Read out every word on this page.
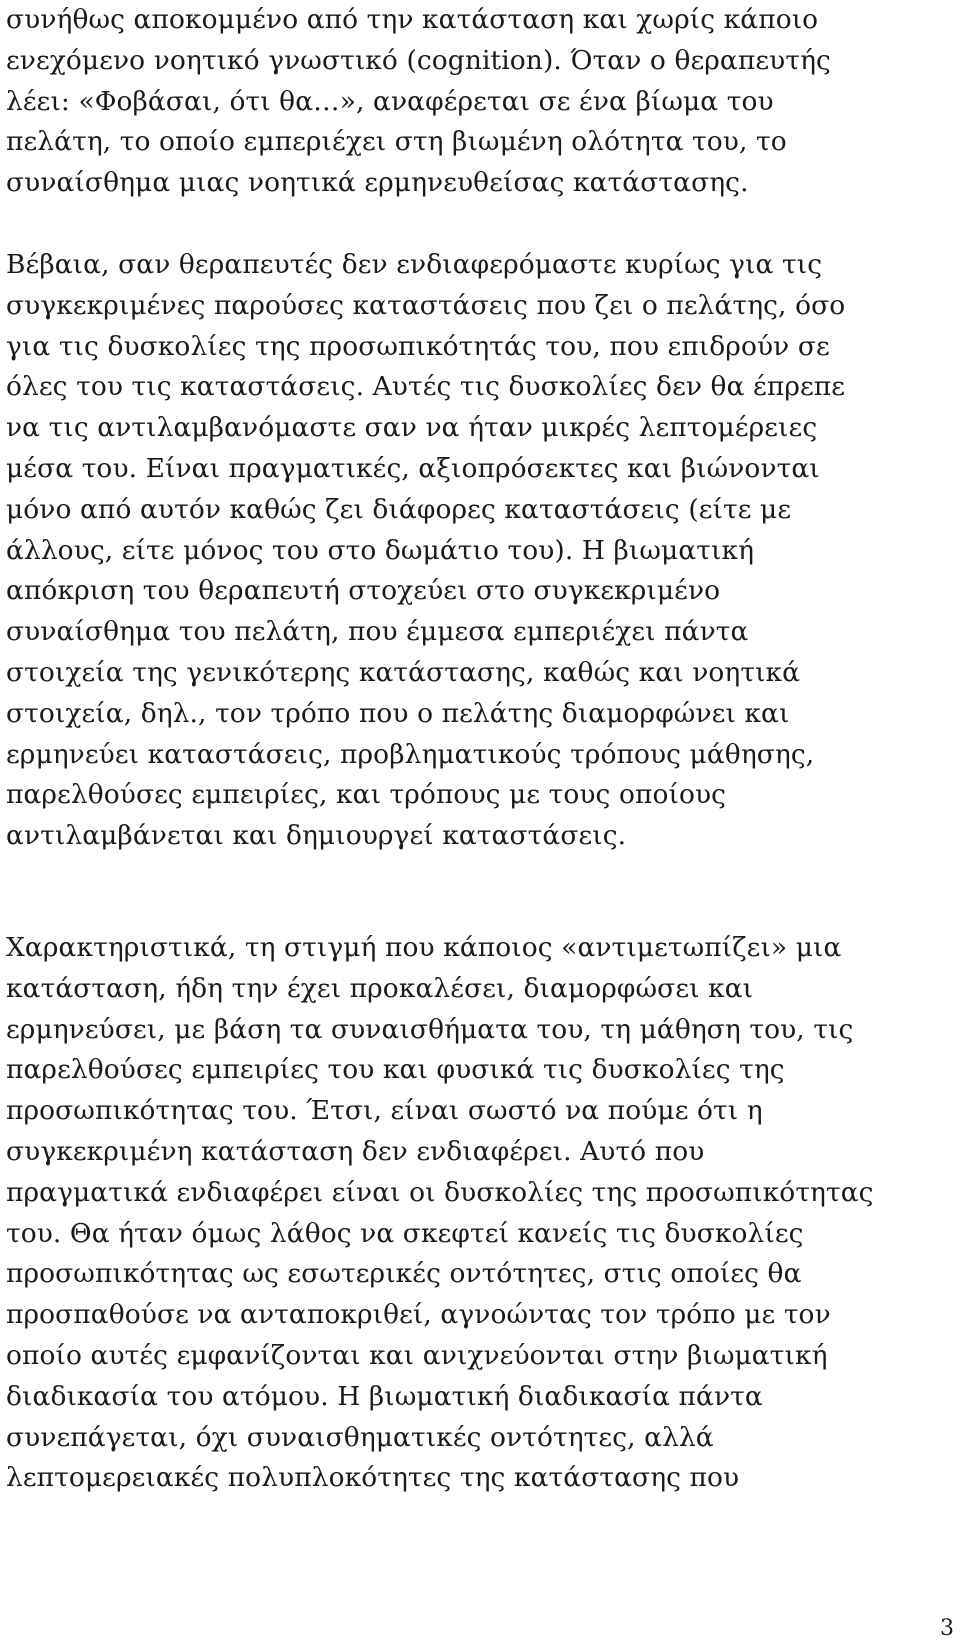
συνήθως αποκομμένο από την κατάσταση και χωρίς κάποιο
ενεχόμενο νοητικό γνωστικό (cognition). Όταν ο θεραπευτής
λέει: «Φοβάσαι, ότι θα…», αναφέρεται σε ένα βίωμα του
πελάτη, το οποίο εμπεριέχει στη βιωμένη ολότητα του, το
συναίσθημα μιας νοητικά ερμηνευθείσας κατάστασης.
Βέβαια, σαν θεραπευτές δεν ενδιαφερόμαστε κυρίως για τις
συγκεκριμένες παρούσες καταστάσεις που ζει ο πελάτης, όσο
για τις δυσκολίες της προσωπικότητάς του, που επιδρούν σε
όλες του τις καταστάσεις. Αυτές τις δυσκολίες δεν θα έπρεπε
να τις αντιλαμβανόμαστε σαν να ήταν μικρές λεπτομέρειες
μέσα του. Είναι πραγματικές, αξιοπρόσεκτες και βιώνονται
μόνο από αυτόν καθώς ζει διάφορες καταστάσεις (είτε με
άλλους, είτε μόνος του στο δωμάτιο του). Η βιωματική
απόκριση του θεραπευτή στοχεύει στο συγκεκριμένο
συναίσθημα του πελάτη, που έμμεσα εμπεριέχει πάντα
στοιχεία της γενικότερης κατάστασης, καθώς και νοητικά
στοιχεία, δηλ., τον τρόπο που ο πελάτης διαμορφώνει και
ερμηνεύει καταστάσεις, προβληματικούς τρόπους μάθησης,
παρελθούσες εμπειρίες, και τρόπους με τους οποίους
αντιλαμβάνεται και δημιουργεί καταστάσεις.
Χαρακτηριστικά, τη στιγμή που κάποιος «αντιμετωπίζει» μια
κατάσταση, ήδη την έχει προκαλέσει, διαμορφώσει και
ερμηνεύσει, με βάση τα συναισθήματα του, τη μάθηση του, τις
παρελθούσες εμπειρίες του και φυσικά τις δυσκολίες της
προσωπικότητας του. Έτσι, είναι σωστό να πούμε ότι η
συγκεκριμένη κατάσταση δεν ενδιαφέρει. Αυτό που
πραγματικά ενδιαφέρει είναι οι δυσκολίες της προσωπικότητας
του. Θα ήταν όμως λάθος να σκεφτεί κανείς τις δυσκολίες
προσωπικότητας ως εσωτερικές οντότητες, στις οποίες θα
προσπαθούσε να ανταποκριθεί, αγνοώντας τον τρόπο με τον
οποίο αυτές εμφανίζονται και ανιχνεύονται στην βιωματική
διαδικασία του ατόμου. Η βιωματική διαδικασία πάντα
συνεπάγεται, όχι συναισθηματικές οντότητες, αλλά
λεπτομερειακές πολυπλοκότητες της κατάστασης που
3
